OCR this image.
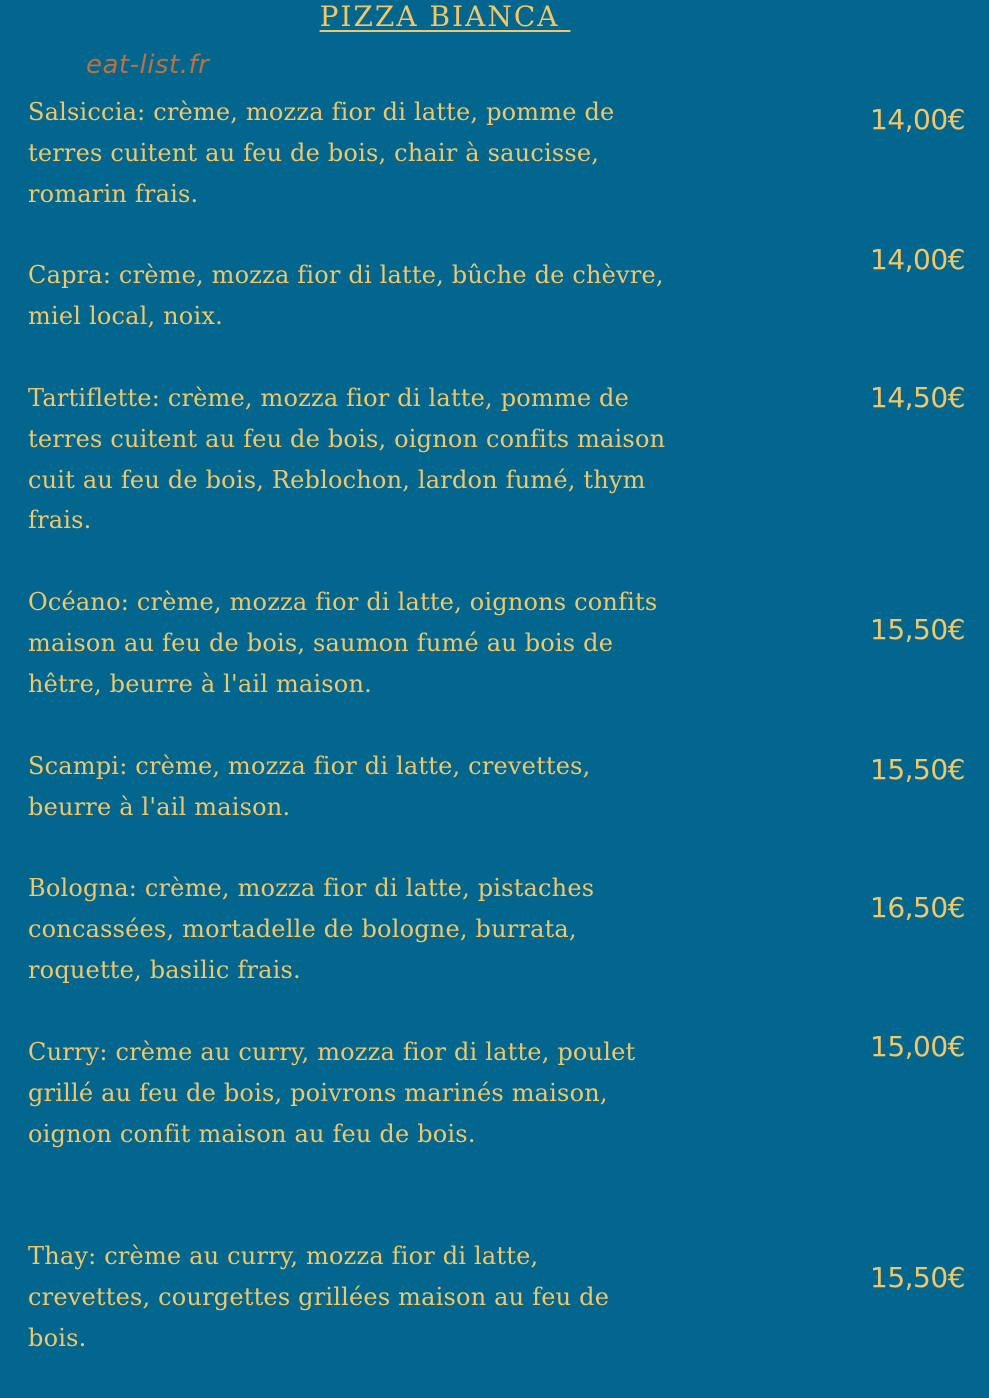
PIZZA BIANCA
eat-list.fr
Salsiccia: crème, mozza fior di latte, pomme de terres cuitent au feu de bois, chair à saucisse, romarin frais.
14,00€
Capra: crème, mozza fior di latte, bûche de chèvre, miel local, noix.
14,00€
Tartiflette: crème, mozza fior di latte, pomme de terres cuitent au feu de bois, oignon confits maison cuit au feu de bois, Reblochon, lardon fumé, thym frais.
14,50€
Océano: crème, mozza fior di latte, oignons confits maison au feu de bois, saumon fumé au bois de hêtre, beurre à l'ail maison.
15,50€
Scampi: crème, mozza fior di latte, crevettes, beurre à l'ail maison.
15,50€
Bologna: crème, mozza fior di latte, pistaches concassées, mortadelle de bologne, burrata, roquette, basilic frais.
16,50€
Curry: crème au curry, mozza fior di latte, poulet grillé au feu de bois, poivrons marinés maison, oignon confit maison au feu de bois.
15,00€
Thay: crème au curry, mozza fior di latte, crevettes, courgettes grillées maison au feu de bois.
15,50€
